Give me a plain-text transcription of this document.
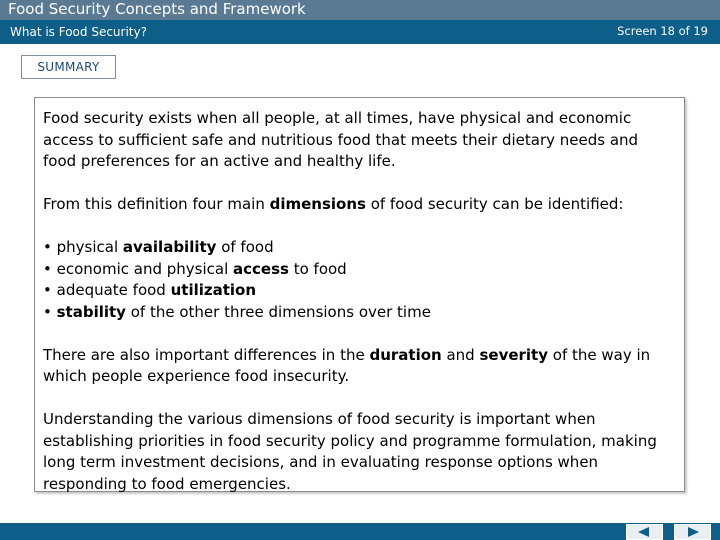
Food Security Concepts and Framework
What is Food Security?	Screen 18 of 19
SUMMARY

Food security exists when all people, at all times, have physical and economic access to sufficient safe and nutritious food that meets their dietary needs and food preferences for an active and healthy life.

From this definition four main dimensions of food security can be identified:

• physical availability of food
• economic and physical access to food
• adequate food utilization
• stability of the other three dimensions over time

There are also important differences in the duration and severity of the way in which people experience food insecurity.

Understanding the various dimensions of food security is important when establishing priorities in food security policy and programme formulation, making long term investment decisions, and in evaluating response options when responding to food emergencies.
